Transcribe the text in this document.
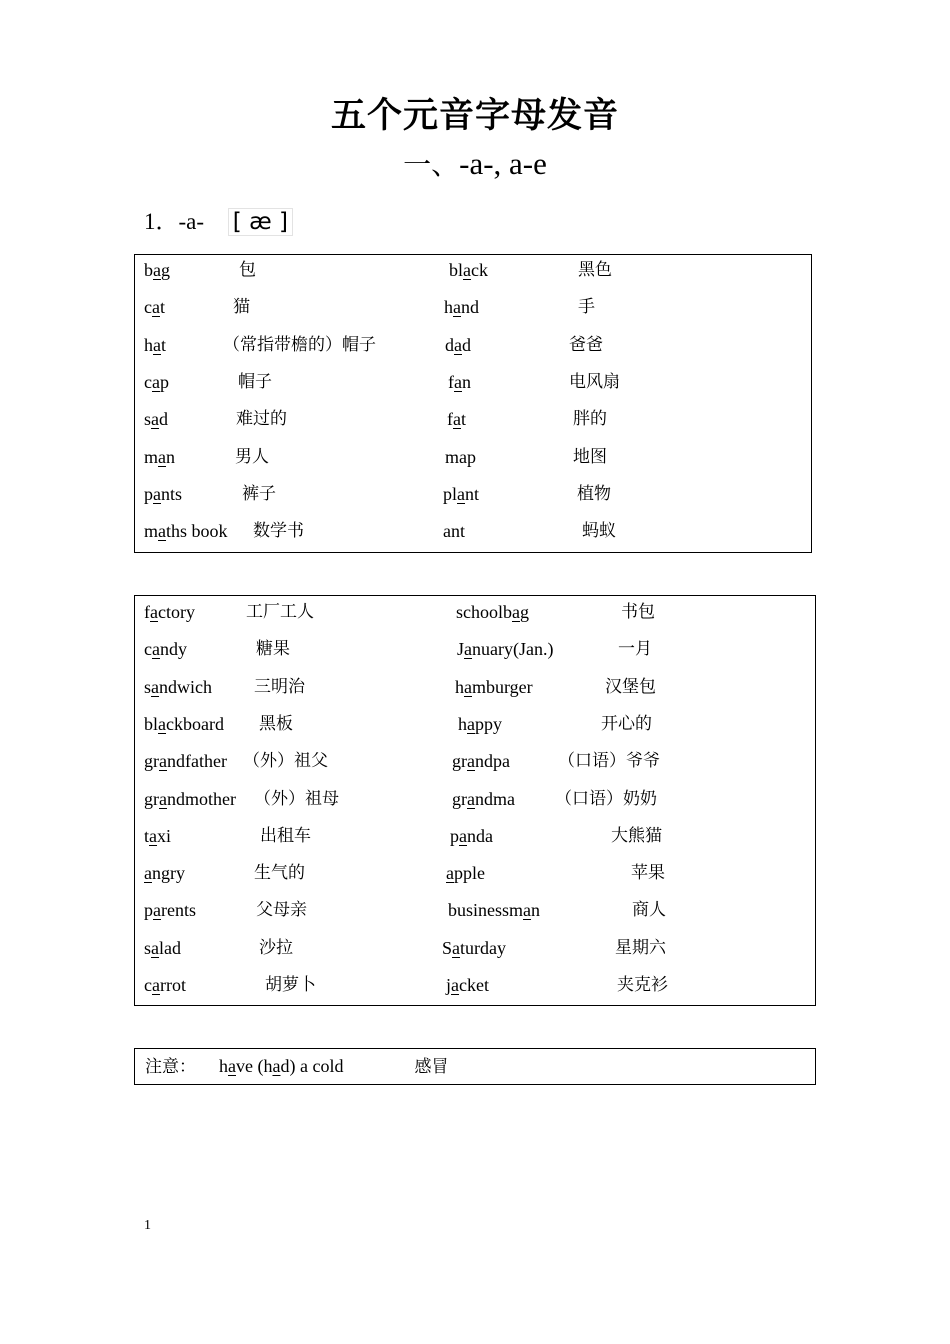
五个元音字母发音
一、-a-, a-e
1．-a- [ æ ]
bag	包	black	黑色
cat	猫	hand	手
hat	（常指带檐的）帽子	dad	爸爸
cap	帽子	fan	电风扇
sad	难过的	fat	胖的
man	男人	map	地图
pants	裤子	plant	植物
maths book 数学书	ant	蚂蚁
factory	工厂工人	schoolbag	书包
candy	糖果	January(Jan.)	一月
sandwich 三明治	hamburger	汉堡包
blackboard 黑板	happy	开心的
grandfather （外）祖父	grandpa	（口语）爷爷
grandmother （外）祖母	grandma （口语）奶奶
taxi	出租车	panda	大熊猫
angry	生气的	apple	苹果
parents	父母亲	businessman	商人
salad	沙拉	Saturday	星期六
carrot	胡萝卜	jacket	夹克衫
注意： have (had) a cold	感冒
1
